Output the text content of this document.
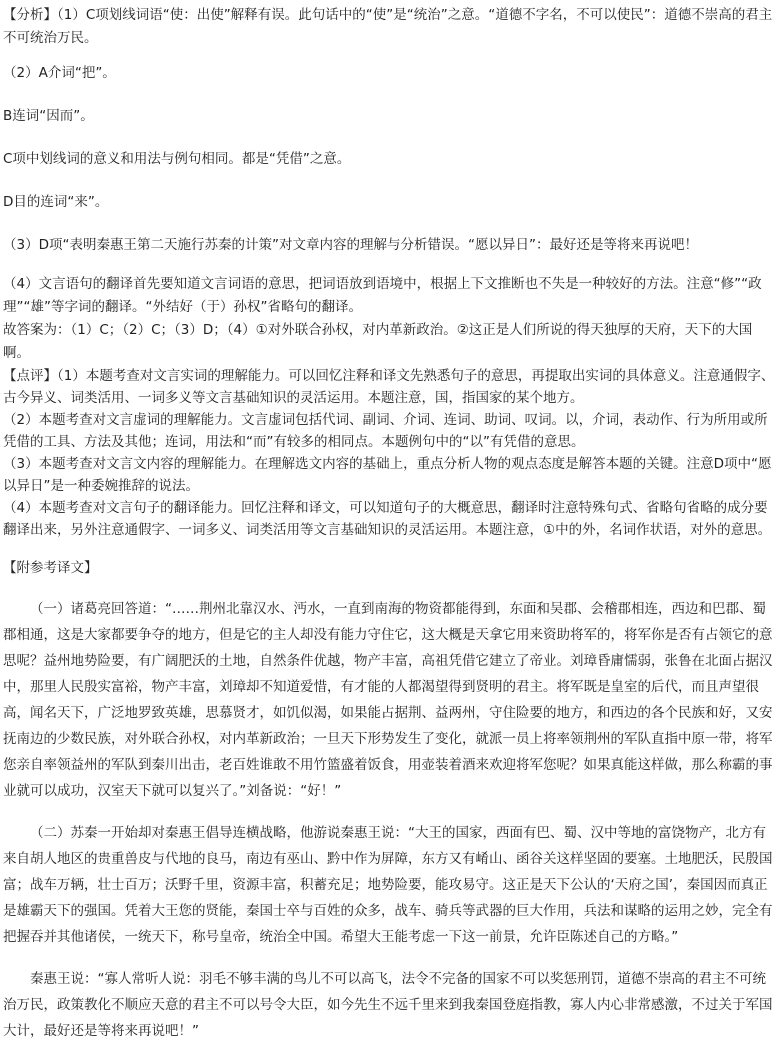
【分析】（1）C项划线词语“使：出使”解释有误。此句话中的“使”是“统治”之意。“道德不字名，不可以使民”：道德不崇高的君主不可统治万民。

（2）A介词“把”。

B连词“因而”。

C项中划线词的意义和用法与例句相同。都是“凭借”之意。

D目的连词“来”。

（3）D项“表明秦惠王第二天施行苏秦的计策”对文章内容的理解与分析错误。“愿以异日”：最好还是等将来再说吧！

（4）文言语句的翻译首先要知道文言词语的意思，把词语放到语境中，根据上下文推断也不失是一种较好的方法。注意“修”“政理”“雄”等字词的翻译。“外结好（于）孙权”省略句的翻译。

故答案为：（1）C；（2）C；（3）D；（4）①对外联合孙权，对内革新政治。②这正是人们所说的得天独厚的天府，天下的大国啊。

【点评】（1）本题考查对文言实词的理解能力。可以回忆注释和译文先熟悉句子的意思，再提取出实词的具体意义。注意通假字、古今异义、词类活用、一词多义等文言基础知识的灵活运用。本题注意，国，指国家的某个地方。

（2）本题考查对文言虚词的理解能力。文言虚词包括代词、副词、介词、连词、助词、叹词。以，介词，表动作、行为所用或所凭借的工具、方法及其他；连词，用法和“而”有较多的相同点。本题例句中的“以”有凭借的意思。

（3）本题考查对文言文内容的理解能力。在理解选文内容的基础上，重点分析人物的观点态度是解答本题的关键。注意D项中“愿以异日”是一种委婉推辞的说法。

（4）本题考查对文言句子的翻译能力。回忆注释和译文，可以知道句子的大概意思，翻译时注意特殊句式、省略句省略的成分要翻译出来，另外注意通假字、一词多义、词类活用等文言基础知识的灵活运用。本题注意，①中的外，名词作状语，对外的意思。

【附参考译文】

（一）诸葛亮回答道：“……荆州北靠汉水、沔水，一直到南海的物资都能得到，东面和吴郡、会稽郡相连，西边和巴郡、蜀郡相通，这是大家都要争夺的地方，但是它的主人却没有能力守住它，这大概是天拿它用来资助将军的，将军你是否有占领它的意思呢？益州地势险要，有广阔肥沃的土地，自然条件优越，物产丰富，高祖凭借它建立了帝业。刘璋昏庸懦弱，张鲁在北面占据汉中，那里人民殷实富裕，物产丰富，刘璋却不知道爱惜，有才能的人都渴望得到贤明的君主。将军既是皇室的后代，而且声望很高，闻名天下，广泛地罗致英雄，思慕贤才，如饥似渴，如果能占据荆、益两州，守住险要的地方，和西边的各个民族和好，又安抚南边的少数民族，对外联合孙权，对内革新政治；一旦天下形势发生了变化，就派一员上将率领荆州的军队直指中原一带，将军您亲自率领益州的军队到秦川出击，老百姓谁敢不用竹篮盛着饭食，用壶装着酒来欢迎将军您呢？如果真能这样做，那么称霸的事业就可以成功，汉室天下就可以复兴了。”刘备说：“好！”

（二）苏秦一开始却对秦惠王倡导连横战略，他游说秦惠王说：“大王的国家，西面有巴、蜀、汉中等地的富饶物产，北方有来自胡人地区的贵重兽皮与代地的良马，南边有巫山、黔中作为屏障，东方又有崤山、函谷关这样坚固的要塞。土地肥沃，民殷国富；战车万辆，壮士百万；沃野千里，资源丰富，积蓄充足；地势险要，能攻易守。这正是天下公认的‘天府之国’，秦国因而真正是雄霸天下的强国。凭着大王您的贤能，秦国士卒与百姓的众多，战车、骑兵等武器的巨大作用，兵法和谋略的运用之妙，完全有把握吞并其他诸侯，一统天下，称号皇帝，统治全中国。希望大王能考虑一下这一前景，允许臣陈述自己的方略。”

秦惠王说：“寡人常听人说：羽毛不够丰满的鸟儿不可以高飞，法令不完备的国家不可以奖惩刑罚，道德不崇高的君主不可统治万民，政策教化不顺应天意的君主不可以号令大臣，如今先生不远千里来到我秦国登庭指教，寡人内心非常感激，不过关于军国大计，最好还是等将来再说吧！”
